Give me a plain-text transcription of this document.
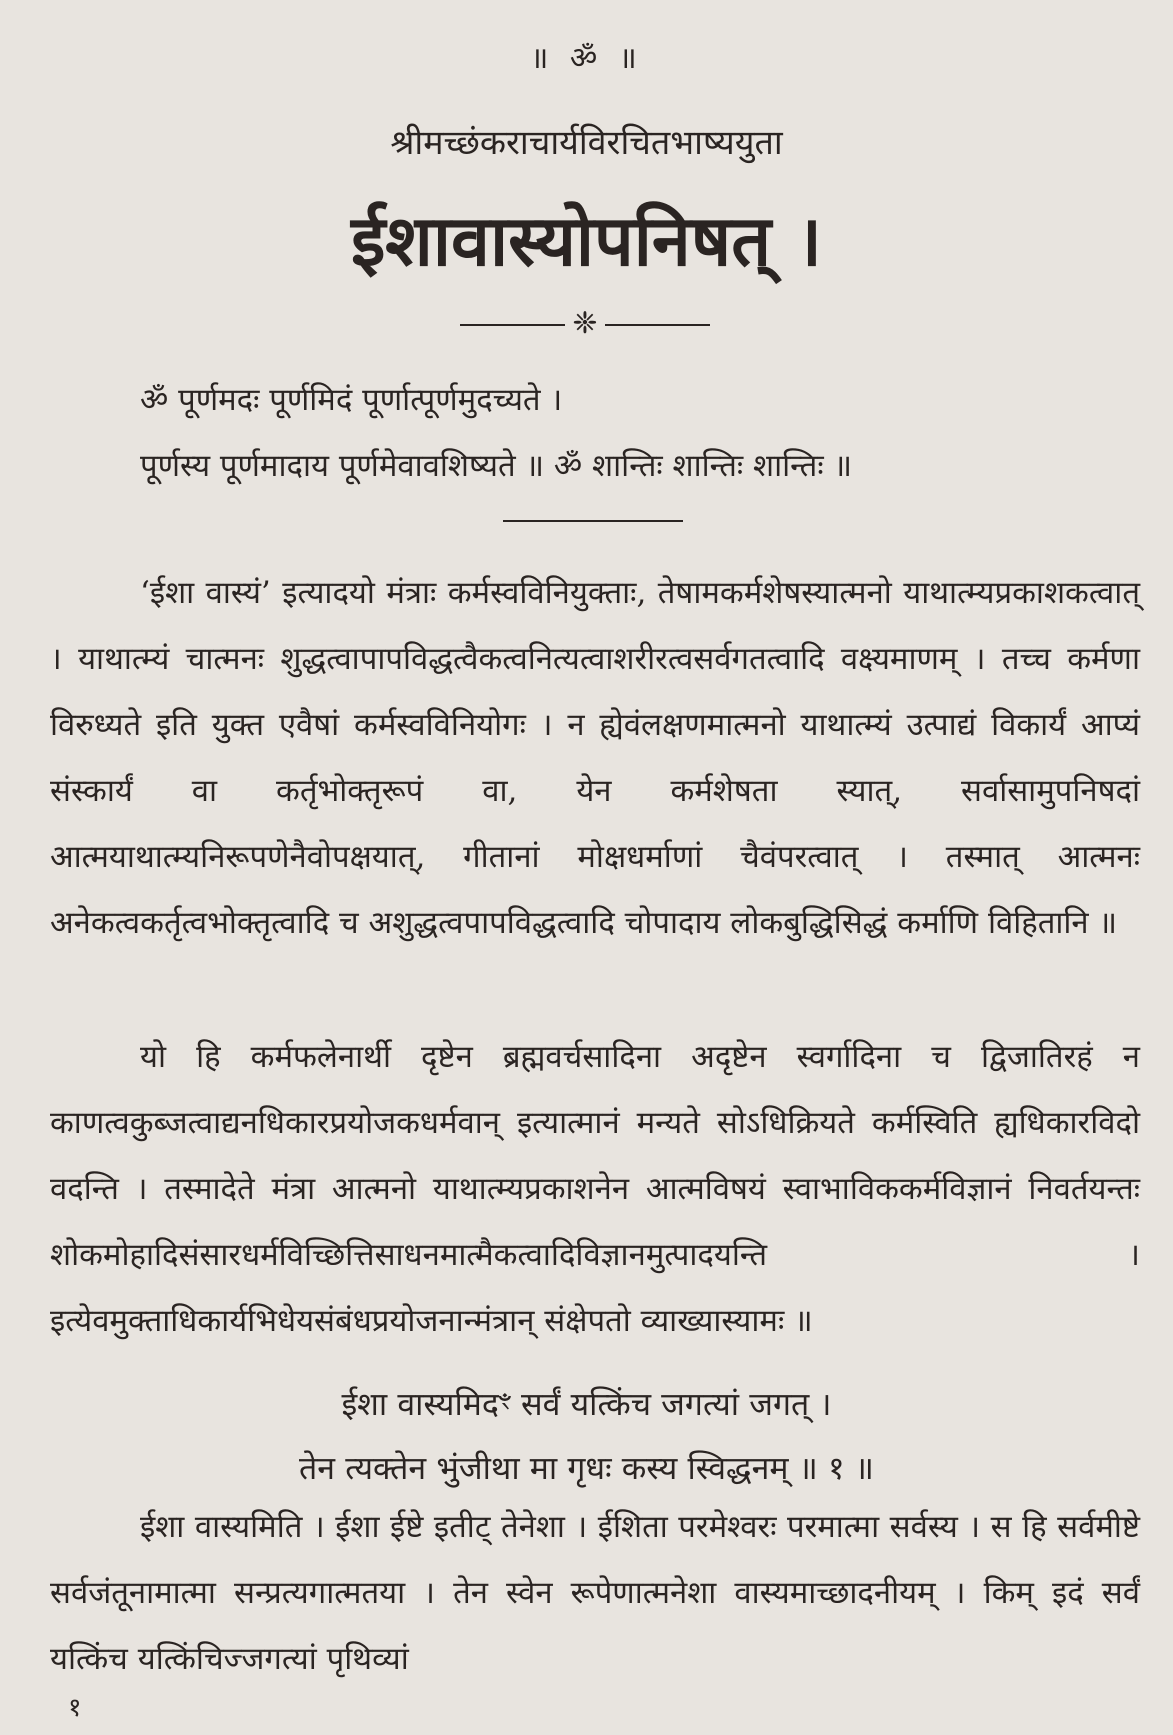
॥ ॐ ॥
श्रीमच्छंकराचार्यविरचितभाष्ययुता
ईशावास्योपनिषत् ।
❈
ॐ पूर्णमदः पूर्णमिदं पूर्णात्पूर्णमुदच्यते ।
पूर्णस्य पूर्णमादाय पूर्णमेवावशिष्यते ॥ ॐ शान्तिः शान्तिः शान्तिः ॥

‘ईशा वास्यं’ इत्यादयो मंत्राः कर्मस्वविनियुक्ताः, तेषामकर्मशेषस्यात्मनो याथात्म्यप्रकाशकत्वात् । याथात्म्यं चात्मनः शुद्धत्वापापविद्धत्वैकत्वनित्यत्वाशरीरत्वसर्वगतत्वादि वक्ष्यमाणम् । तच्च कर्मणा विरुध्यते इति युक्त एवैषां कर्मस्वविनियोगः । न ह्येवंलक्षणमात्मनो याथात्म्यं उत्पाद्यं विकार्यं आप्यं संस्कार्यं वा कर्तृभोक्तृरूपं वा, येन कर्मशेषता स्यात्, सर्वासामुपनिषदां आत्मयाथात्म्यनिरूपणेनैवोपक्षयात्, गीतानां मोक्षधर्माणां चैवंपरत्वात् । तस्मात् आत्मनः अनेकत्वकर्तृत्वभोक्तृत्वादि च अशुद्धत्वपापविद्धत्वादि चोपादाय लोकबुद्धिसिद्धं कर्माणि विहितानि ॥

यो हि कर्मफलेनार्थी दृष्टेन ब्रह्मवर्चसादिना अदृष्टेन स्वर्गादिना च द्विजातिरहं न काणत्वकुब्जत्वाद्यनधिकारप्रयोजकधर्मवान् इत्यात्मानं मन्यते सोऽधिक्रियते कर्मस्विति ह्यधिकारविदो वदन्ति । तस्मादेते मंत्रा आत्मनो याथात्म्यप्रकाशनेन आत्मविषयं स्वाभाविककर्मविज्ञानं निवर्तयन्तः शोकमोहादिसंसारधर्मविच्छित्तिसाधनमात्मैकत्वादिविज्ञानमुत्पादयन्ति । इत्येवमुक्ताधिकार्यभिधेयसंबंधप्रयोजनान्मंत्रान् संक्षेपतो व्याख्यास्यामः ॥

ईशा वास्यमिदꣳ सर्वं यत्किंच जगत्यां जगत् ।
तेन त्यक्तेन भुंजीथा मा गृधः कस्य स्विद्धनम् ॥ १ ॥

ईशा वास्यमिति । ईशा ईष्टे इतीट् तेनेशा । ईशिता परमेश्वरः परमात्मा सर्वस्य । स हि सर्वमीष्टे सर्वजंतूनामात्मा सन्प्रत्यगात्मतया । तेन स्वेन रूपेणात्मनेशा वास्यमाच्छादनीयम् । किम् इदं सर्वं यत्किंच यत्किंचिज्जगत्यां पृथिव्यां

१
